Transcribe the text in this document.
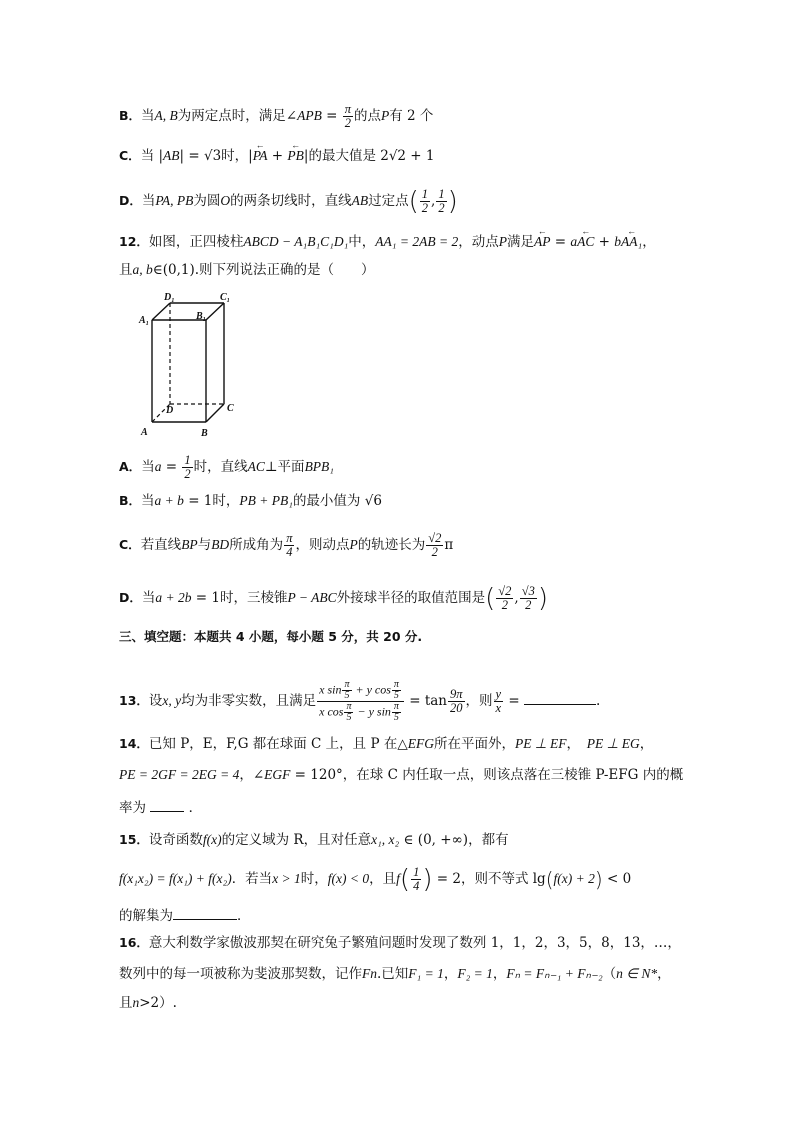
B．当A, B为两定点时，满足∠APB = $\frac{\pi}{2}$ 的点P有 2 个
C．当 |AB| = √3时，|← PA + ← PB|的最大值是 2√2 + 1
D．当PA, PB为圆O的两条切线时，直线AB过定点( $\frac{1}{2}$ , $\frac{1}{2}$ )
12．如图，正四棱柱ABCD − A₁B₁C₁D₁中，AA₁ = 2AB = 2，动点P满足← AP = a← AC + b← AA₁，
且a, b∈(0,1).则下列说法正确的是（　　）
D₁	C₁
A₁	B₁
D	C
A	B
A．当$a = \frac{1}{2}$ 时，直线AC⊥平面BPB₁
B．当a + b = 1时，PB + PB₁的最小值为 √6
C．若直线BP与BD所成角为 $\frac{\pi}{4}$ ，则动点P的轨迹长为 $\frac{√2}{2}$ π
D．当a + 2b = 1时，三棱锥P − ABC外接球半径的取值范围是( $\frac{√2}{2}$ , $\frac{√3}{2}$ )
三、填空题：本题共 4 小题，每小题 5 分，共 20 分.
13．设x, y均为非零实数，且满足 $\frac{x \sin \frac{\pi}{5} + y \cos \frac{\pi}{5}}{x \cos \frac{\pi}{5} - y \sin \frac{\pi}{5}} = \tan \frac{9\pi}{20}$ ，则 $\frac{y}{x}$ =	.
14．已知 P，E，F,G 都在球面 C 上，且 P 在△EFG所在平面外，PE ⊥ EF，　PE ⊥ EG，
PE = 2GF = 2EG = 4，∠EGF = 120°，在球 C 内任取一点，则该点落在三棱锥 P-EFG 内的概
率为	．
15．设奇函数f(x)的定义域为 R，且对任意x₁, x₂ ∈ (0, +∞)，都有
f(x₁x₂) = f(x₁) + f(x₂)．若当x > 1时，f(x) < 0，且$f( \frac{1}{4}$ ) = 2，则不等式 lg(f(x) + 2) < 0
的解集为	．
16．意大利数学家傲波那契在研究兔子繁殖问题时发现了数列 1，1，2，3，5，8，13，…，
数列中的每一项被称为斐波那契数，记作Fn.已知F₁ = 1，F₂ = 1，Fₙ = Fₙ₋₁ + Fₙ₋₂（n ∈ N*，
且n>2）.
